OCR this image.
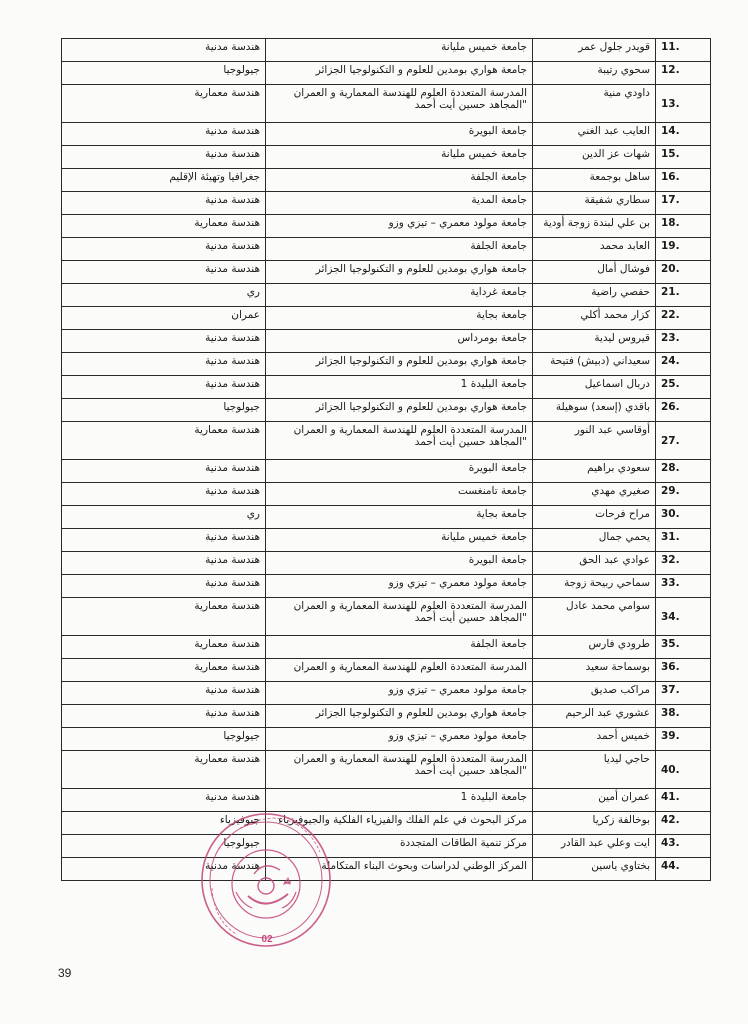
11.	قويدر جلول عمر	جامعة خميس مليانة	هندسة مدنية
12.	سحوي رتيبة	جامعة هواري بومدين للعلوم و التكنولوجيا الجزائر	جيولوجيا
13.	داودي منية	المدرسة المتعددة العلوم للهندسة المعمارية و العمران "المجاهد حسين أيت أحمد	هندسة معمارية
14.	العايب عبد الغني	جامعة البويرة	هندسة مدنية
15.	شهات عز الدين	جامعة خميس مليانة	هندسة مدنية
16.	ساهل بوجمعة	جامعة الجلفة	جغرافيا وتهيئة الإقليم
17.	سطاري شفيقة	جامعة المدية	هندسة مدنية
18.	بن علي لبندة زوجة أودية	جامعة مولود معمري – تيزي وزو	هندسة معمارية
19.	العابد محمد	جامعة الجلفة	هندسة مدنية
20.	فوشال أمال	جامعة هواري بومدين للعلوم و التكنولوجيا الجزائر	هندسة مدنية
21.	حفصي راضية	جامعة غرداية	ري
22.	كزار محمد أكلي	جامعة بجاية	عمران
23.	قيروس ليدية	جامعة بومرداس	هندسة مدنية
24.	سعيداني (دبيش) فتيحة	جامعة هواري بومدين للعلوم و التكنولوجيا الجزائر	هندسة مدنية
25.	دربال اسماعيل	جامعة البليدة 1	هندسة مدنية
26.	باقدي (إسعد) سوهيلة	جامعة هواري بومدين للعلوم و التكنولوجيا الجزائر	جيولوجيا
27.	أوقاسي عبد النور	المدرسة المتعددة العلوم للهندسة المعمارية و العمران "المجاهد حسين أيت أحمد	هندسة معمارية
28.	سعودي براهيم	جامعة البويرة	هندسة مدنية
29.	صغيري مهدي	جامعة تامنغست	هندسة مدنية
30.	مراح فرحات	جامعة بجاية	ري
31.	يحمي جمال	جامعة خميس مليانة	هندسة مدنية
32.	عوادي عبد الحق	جامعة البويرة	هندسة مدنية
33.	سماحي ربيحة زوجة	جامعة مولود معمري – تيزي وزو	هندسة مدنية
34.	سوامي محمد عادل	المدرسة المتعددة العلوم للهندسة المعمارية و العمران "المجاهد حسين أيت أحمد	هندسة معمارية
35.	طرودي فارس	جامعة الجلفة	هندسة معمارية
36.	بوسماحة سعيد	المدرسة المتعددة العلوم للهندسة المعمارية و العمران	هندسة معمارية
37.	مراكب صديق	جامعة مولود معمري – تيزي وزو	هندسة مدنية
38.	عشوري عبد الرحيم	جامعة هواري بومدين للعلوم و التكنولوجيا الجزائر	هندسة مدنية
39.	خميس أحمد	جامعة مولود معمري – تيزي وزو	جيولوجيا
40.	حاجي ليديا	المدرسة المتعددة العلوم للهندسة المعمارية و العمران "المجاهد حسين أيت أحمد	هندسة معمارية
41.	عمران أمين	جامعة البليدة 1	هندسة مدنية
42.	بوخالفة زكريا	مركز البحوث في علم الفلك والفيزياء الفلكية والجيوفيزياء	جيوفيزياء
43.	ايت وعلي عبد القادر	مركز تنمية الطاقات المتجددة	جيولوجيا
44.	بختاوي ياسين	المركز الوطني لدراسات وبحوث البناء المتكاملة	هندسة مدنية
02
39
